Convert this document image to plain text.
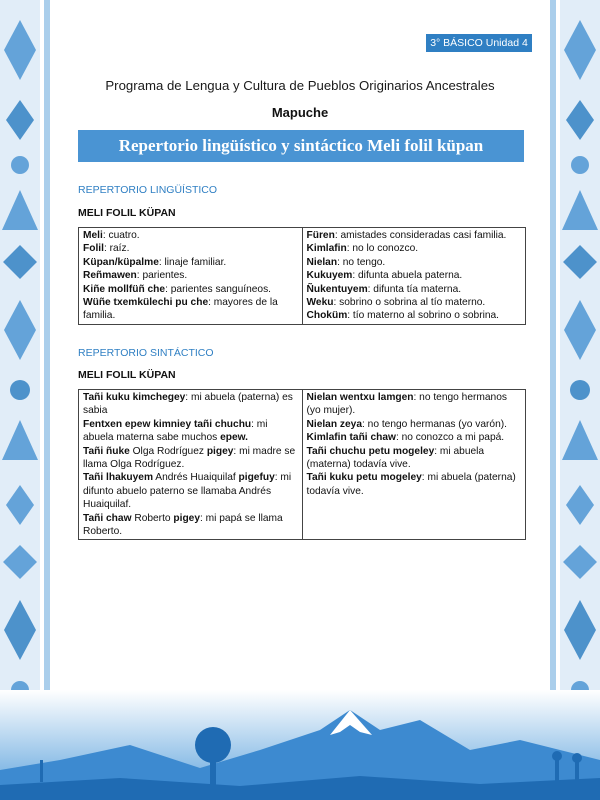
3° BÁSICO Unidad 4
Programa de Lengua y Cultura de Pueblos Originarios Ancestrales
Mapuche
Repertorio lingüístico y sintáctico Meli folil küpan
REPERTORIO LINGÜÍSTICO
MELI FOLIL KÜPAN
Meli: cuatro.
Folil: raíz.
Küpan/küpalme: linaje familiar.
Reñmawen: parientes.
Kiñe mollfüñ che: parientes sanguíneos.
Wüñe txemkülechi pu che: mayores de la familia.

Füren: amistades consideradas casi familia.
Kimlafin: no lo conozco.
Nielan: no tengo.
Kukuyem: difunta abuela paterna.
Ñukentuyem: difunta tía materna.
Weku: sobrino o sobrina al tío materno.
Choküm: tío materno al sobrino o sobrina.
REPERTORIO SINTÁCTICO
MELI FOLIL KÜPAN
Tañi kuku kimchegey: mi abuela (paterna) es sabia
Fentxen epew kimniey tañi chuchu: mi abuela materna sabe muchos epew.
Tañi ñuke Olga Rodríguez pigey: mi madre se llama Olga Rodríguez.
Tañi lhakuyem Andrés Huaiquilaf pigefuy: mi difunto abuelo paterno se llamaba Andrés Huaiquilaf.
Tañi chaw Roberto pigey: mi papá se llama Roberto.

Nielan wentxu lamgen: no tengo hermanos (yo mujer).
Nielan zeya: no tengo hermanas (yo varón).
Kimlafin tañi chaw: no conozco a mi papá.
Tañi chuchu petu mogeley: mi abuela (materna) todavía vive.
Tañi kuku petu mogeley: mi abuela (paterna) todavía vive.
